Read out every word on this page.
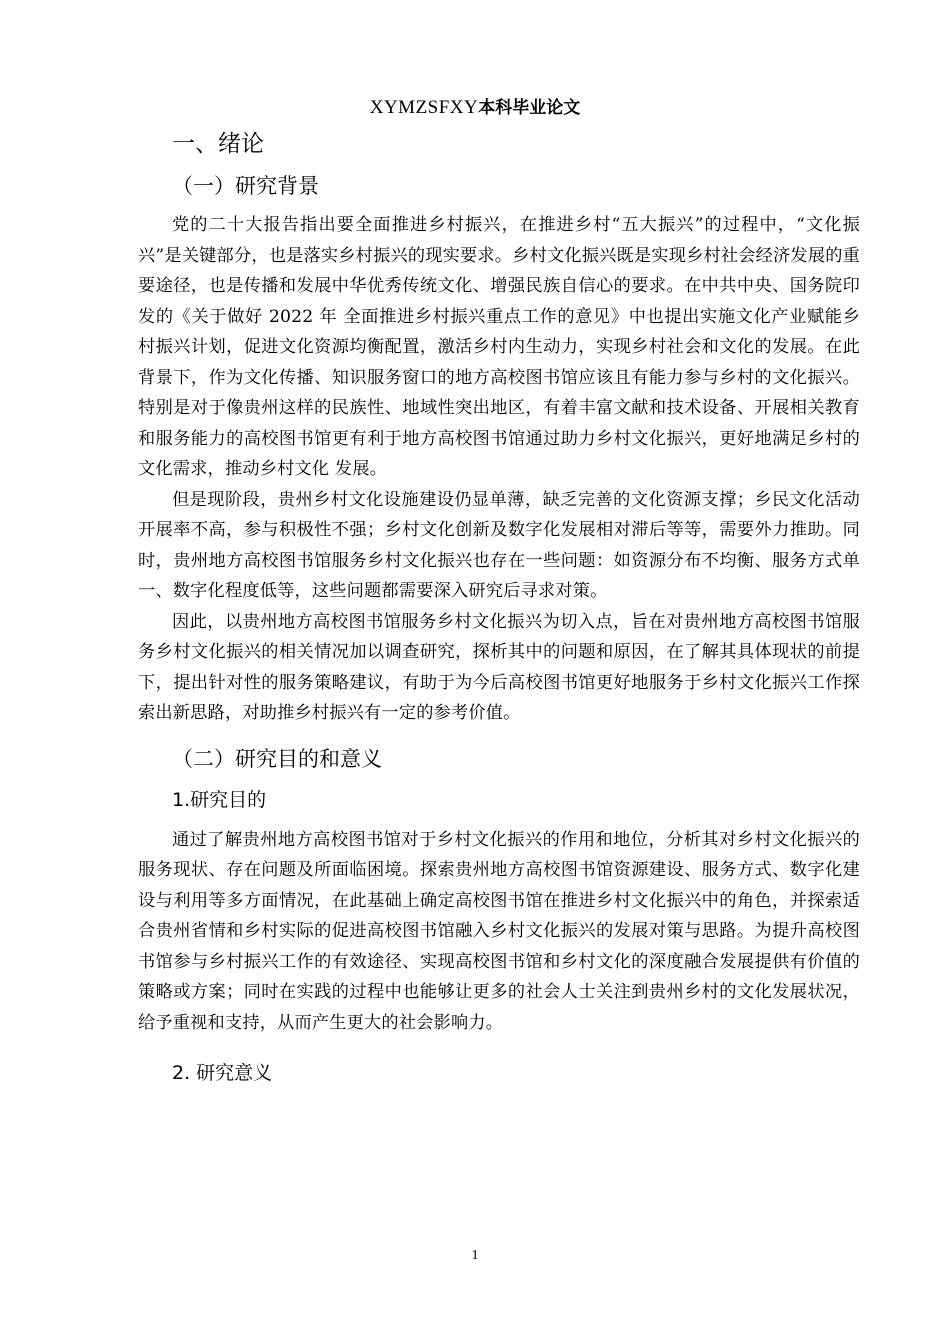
XYMZSFXY本科毕业论文
一、绪论
（一）研究背景

党的二十大报告指出要全面推进乡村振兴，在推进乡村“五大振兴”的过程中，“文化振兴”是关键部分，也是落实乡村振兴的现实要求。乡村文化振兴既是实现乡村社会经济发展的重要途径，也是传播和发展中华优秀传统文化、增强民族自信心的要求。在中共中央、国务院印发的《关于做好 2022 年 全面推进乡村振兴重点工作的意见》中也提出实施文化产业赋能乡村振兴计划，促进文化资源均衡配置，激活乡村内生动力，实现乡村社会和文化的发展。在此背景下，作为文化传播、知识服务窗口的地方高校图书馆应该且有能力参与乡村的文化振兴。特别是对于像贵州这样的民族性、地域性突出地区，有着丰富文献和技术设备、开展相关教育和服务能力的高校图书馆更有利于地方高校图书馆通过助力乡村文化振兴，更好地满足乡村的文化需求，推动乡村文化 发展。

但是现阶段，贵州乡村文化设施建设仍显单薄，缺乏完善的文化资源支撑；乡民文化活动开展率不高，参与积极性不强；乡村文化创新及数字化发展相对滞后等等，需要外力推助。同时，贵州地方高校图书馆服务乡村文化振兴也存在一些问题：如资源分布不均衡、服务方式单一、数字化程度低等，这些问题都需要深入研究后寻求对策。

因此，以贵州地方高校图书馆服务乡村文化振兴为切入点，旨在对贵州地方高校图书馆服务乡村文化振兴的相关情况加以调查研究，探析其中的问题和原因，在了解其具体现状的前提下，提出针对性的服务策略建议，有助于为今后高校图书馆更好地服务于乡村文化振兴工作探索出新思路，对助推乡村振兴有一定的参考价值。

（二）研究目的和意义
1.研究目的

通过了解贵州地方高校图书馆对于乡村文化振兴的作用和地位，分析其对乡村文化振兴的服务现状、存在问题及所面临困境。探索贵州地方高校图书馆资源建设、服务方式、数字化建设与利用等多方面情况，在此基础上确定高校图书馆在推进乡村文化振兴中的角色，并探索适合贵州省情和乡村实际的促进高校图书馆融入乡村文化振兴的发展对策与思路。为提升高校图书馆参与乡村振兴工作的有效途径、实现高校图书馆和乡村文化的深度融合发展提供有价值的策略或方案；同时在实践的过程中也能够让更多的社会人士关注到贵州乡村的文化发展状况，给予重视和支持，从而产生更大的社会影响力。

2. 研究意义
1
